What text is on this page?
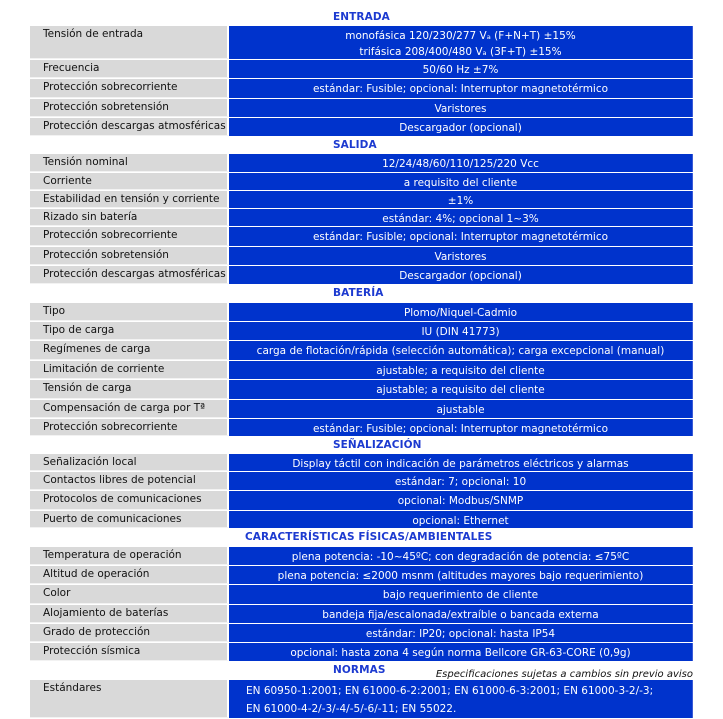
ENTRADA
Tensión de entrada	monofásica 120/230/277 Vₐ (F+N+T) ±15%
trifásica 208/400/480 Vₐ (3F+T) ±15%
Frecuencia	50/60 Hz ±7%
Protección sobrecorriente	estándar: Fusible; opcional: Interruptor magnetotérmico
Protección sobretensión	Varistores
Protección descargas atmosféricas	Descargador (opcional)
SALIDA
Tensión nominal	12/24/48/60/110/125/220 Vcc
Corriente	a requisito del cliente
Estabilidad en tensión y corriente	±1%
Rizado sin batería	estándar: 4%; opcional 1~3%
Protección sobrecorriente	estándar: Fusible; opcional: Interruptor magnetotérmico
Protección sobretensión	Varistores
Protección descargas atmosféricas	Descargador (opcional)
BATERÍA
Tipo	Plomo/Niquel-Cadmio
Tipo de carga	IU (DIN 41773)
Regímenes de carga	carga de flotación/rápida (selección automática); carga excepcional (manual)
Limitación de corriente	ajustable; a requisito del cliente
Tensión de carga	ajustable; a requisito del cliente
Compensación de carga por Tª	ajustable
Protección sobrecorriente	estándar: Fusible; opcional: Interruptor magnetotérmico
SEÑALIZACIÓN
Señalización local	Display táctil con indicación de parámetros eléctricos y alarmas
Contactos libres de potencial	estándar: 7; opcional: 10
Protocolos de comunicaciones	opcional: Modbus/SNMP
Puerto de comunicaciones	opcional: Ethernet
CARACTERÍSTICAS FÍSICAS/AMBIENTALES
Temperatura de operación	plena potencia: -10~45ºC; con degradación de potencia: ≤75ºC
Altitud de operación	plena potencia: ≤2000 msnm (altitudes mayores bajo requerimiento)
Color	bajo requerimiento de cliente
Alojamiento de baterías	bandeja fija/escalonada/extraíble o bancada externa
Grado de protección	estándar: IP20; opcional: hasta IP54
Protección sísmica	opcional: hasta zona 4 según norma Bellcore GR-63-CORE (0,9g)
NORMAS
Estándares	EN 60950-1:2001; EN 61000-6-2:2001; EN 61000-6-3:2001; EN 61000-3-2/-3;
EN 61000-4-2/-3/-4/-5/-6/-11; EN 55022.
Especificaciones sujetas a cambios sin previo aviso
